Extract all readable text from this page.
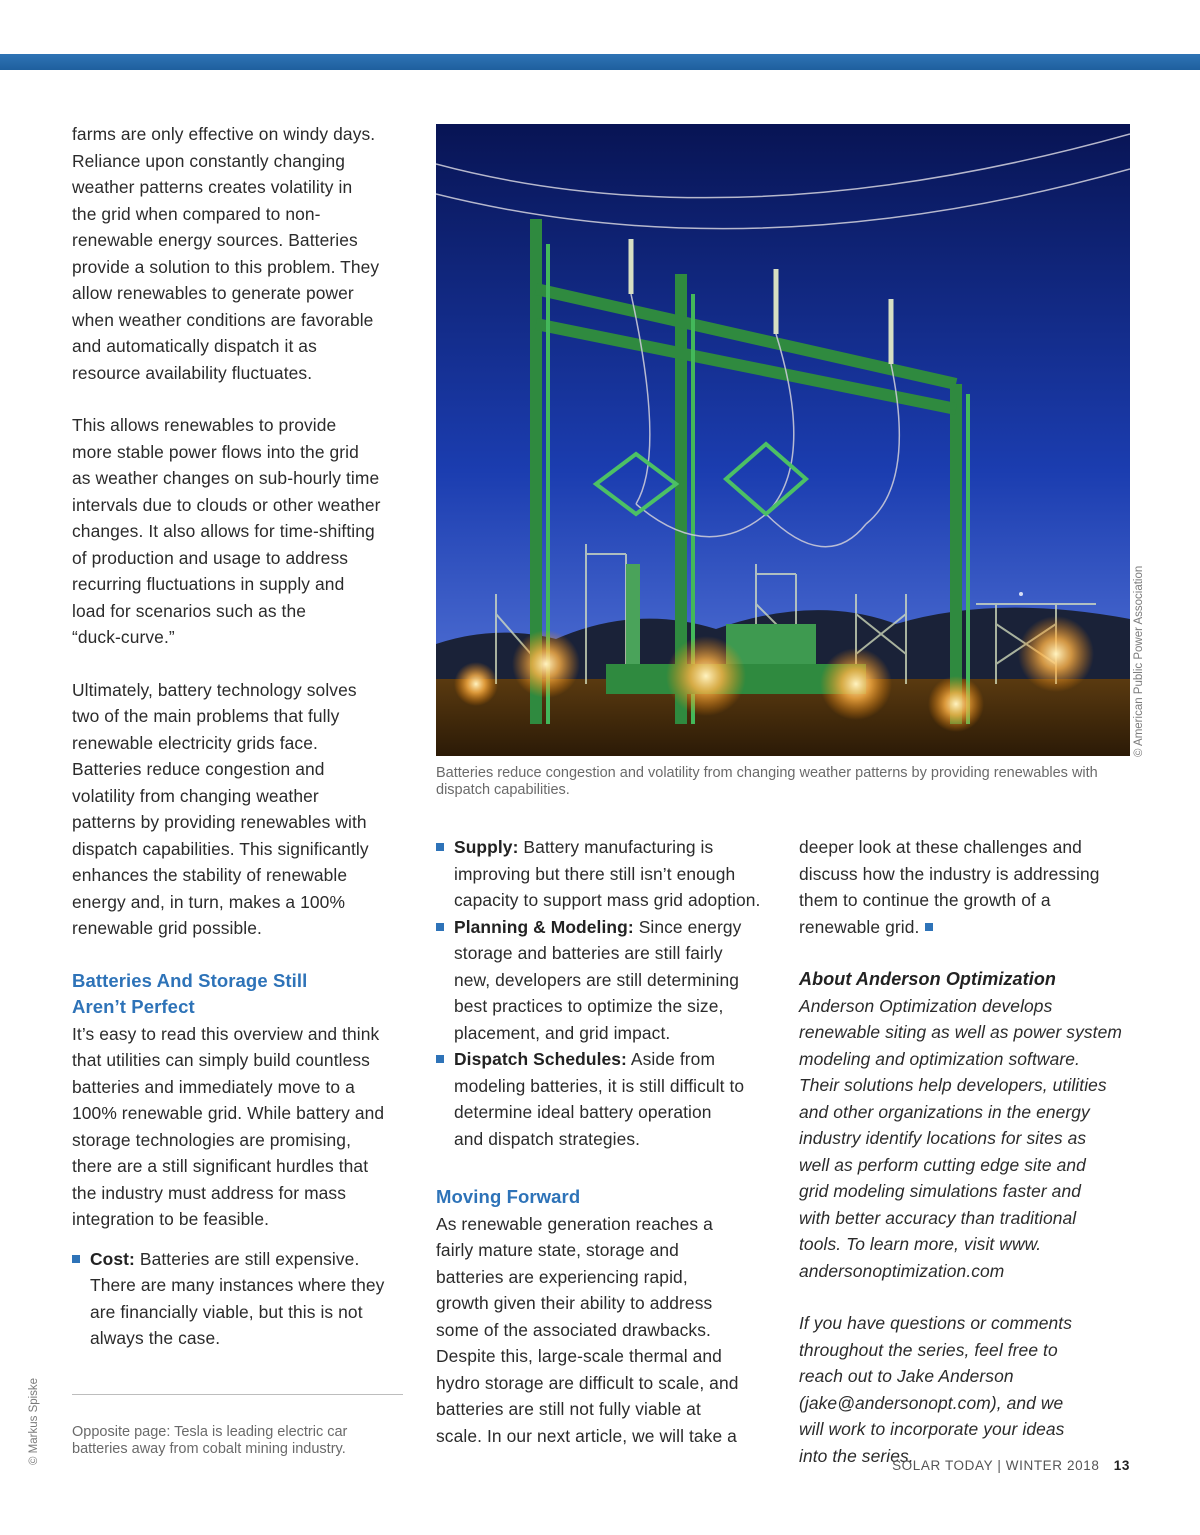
farms are only effective on windy days.
Reliance upon constantly changing
weather patterns creates volatility in
the grid when compared to non-
renewable energy sources. Batteries
provide a solution to this problem. They
allow renewables to generate power
when weather conditions are favorable
and automatically dispatch it as
resource availability fluctuates.

This allows renewables to provide
more stable power flows into the grid
as weather changes on sub-hourly time
intervals due to clouds or other weather
changes. It also allows for time-shifting
of production and usage to address
recurring fluctuations in supply and
load for scenarios such as the
“duck-curve.”

Ultimately, battery technology solves
two of the main problems that fully
renewable electricity grids face.
Batteries reduce congestion and
volatility from changing weather
patterns by providing renewables with
dispatch capabilities. This significantly
enhances the stability of renewable
energy and, in turn, makes a 100%
renewable grid possible.

Batteries And Storage Still
Aren’t Perfect

It’s easy to read this overview and think
that utilities can simply build countless
batteries and immediately move to a
100% renewable grid. While battery and
storage technologies are promising,
there are a still significant hurdles that
the industry must address for mass
integration to be feasible.

Cost: Batteries are still expensive.
There are many instances where they
are financially viable, but this is not
always the case.

Opposite page: Tesla is leading electric car
batteries away from cobalt mining industry.
© Markus Spiske
© American Public Power Association
Batteries reduce congestion and volatility from changing weather patterns by providing renewables with
dispatch capabilities.

Supply: Battery manufacturing is
improving but there still isn’t enough
capacity to support mass grid adoption.

Planning & Modeling: Since energy
storage and batteries are still fairly
new, developers are still determining
best practices to optimize the size,
placement, and grid impact.

Dispatch Schedules: Aside from
modeling batteries, it is still difficult to
determine ideal battery operation
and dispatch strategies.

Moving Forward

As renewable generation reaches a
fairly mature state, storage and
batteries are experiencing rapid,
growth given their ability to address
some of the associated drawbacks.
Despite this, large-scale thermal and
hydro storage are difficult to scale, and
batteries are still not fully viable at
scale. In our next article, we will take a

deeper look at these challenges and
discuss how the industry is addressing
them to continue the growth of a
renewable grid.

About Anderson Optimization
Anderson Optimization develops
renewable siting as well as power system
modeling and optimization software.
Their solutions help developers, utilities
and other organizations in the energy
industry identify locations for sites as
well as perform cutting edge site and
grid modeling simulations faster and
with better accuracy than traditional
tools. To learn more, visit www.
andersonoptimization.com

If you have questions or comments
throughout the series, feel free to
reach out to Jake Anderson
(jake@andersonopt.com), and we
will work to incorporate your ideas
into the series.

SOLAR TODAY | WINTER 2018 13
